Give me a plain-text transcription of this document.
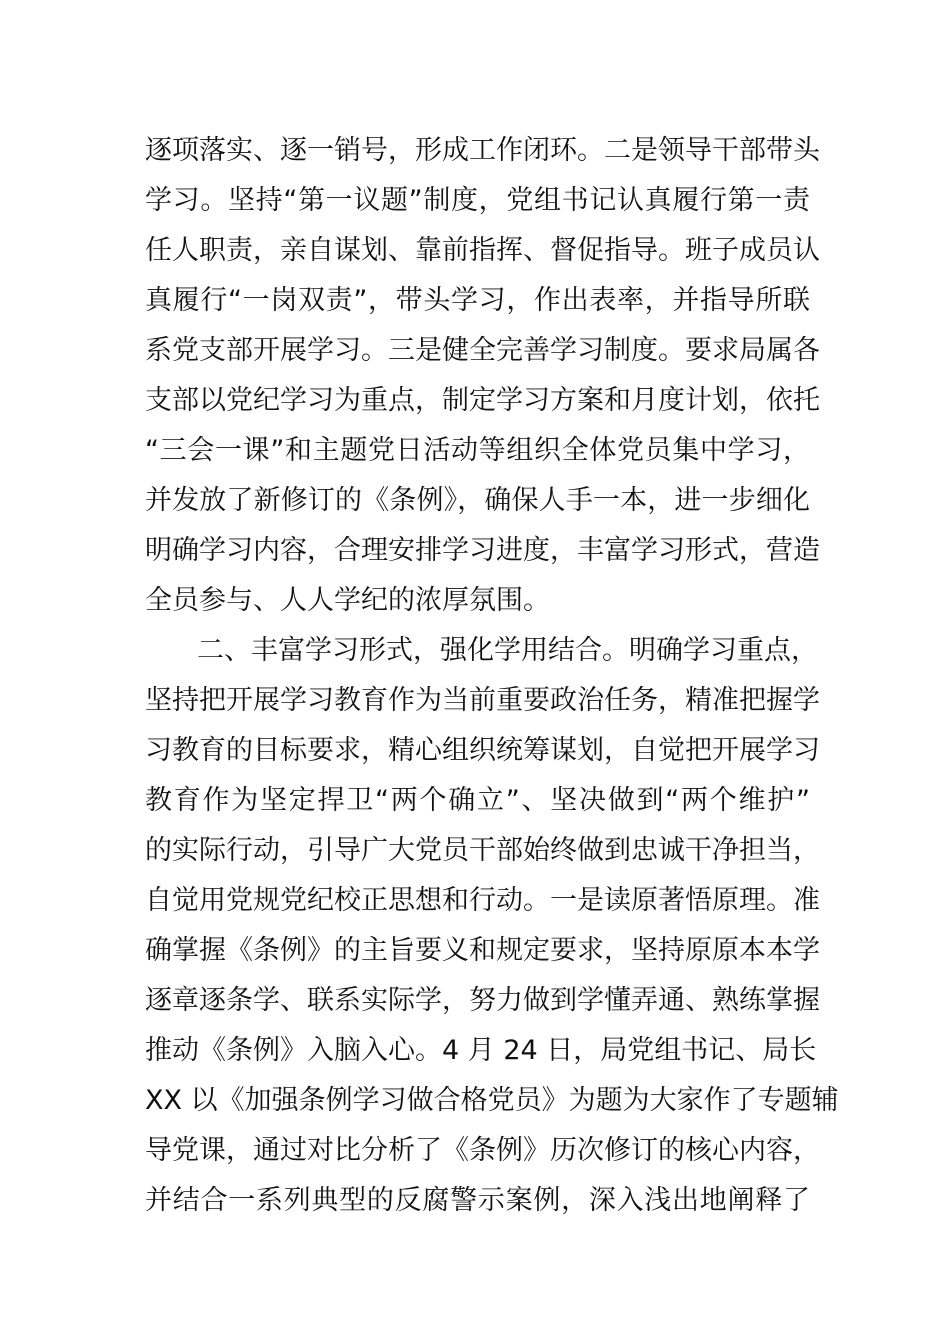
逐项落实、逐一销号，形成工作闭环。二是领导干部带头
学习。坚持“第一议题”制度，党组书记认真履行第一责
任人职责，亲自谋划、靠前指挥、督促指导。班子成员认
真履行“一岗双责”，带头学习，作出表率，并指导所联
系党支部开展学习。三是健全完善学习制度。要求局属各
支部以党纪学习为重点，制定学习方案和月度计划，依托
“三会一课”和主题党日活动等组织全体党员集中学习，
并发放了新修订的《条例》，确保人手一本，进一步细化
明确学习内容，合理安排学习进度，丰富学习形式，营造
全员参与、人人学纪的浓厚氛围。
二、丰富学习形式，强化学用结合。明确学习重点，
坚持把开展学习教育作为当前重要政治任务，精准把握学
习教育的目标要求，精心组织统筹谋划，自觉把开展学习
教育作为坚定捍卫“两个确立”、坚决做到“两个维护”
的实际行动，引导广大党员干部始终做到忠诚干净担当，
自觉用党规党纪校正思想和行动。一是读原著悟原理。准
确掌握《条例》的主旨要义和规定要求，坚持原原本本学
逐章逐条学、联系实际学，努力做到学懂弄通、熟练掌握
推动《条例》入脑入心。4 月 24 日，局党组书记、局长
XX 以《加强条例学习做合格党员》为题为大家作了专题辅
导党课，通过对比分析了《条例》历次修订的核心内容，
并结合一系列典型的反腐警示案例，深入浅出地阐释了
